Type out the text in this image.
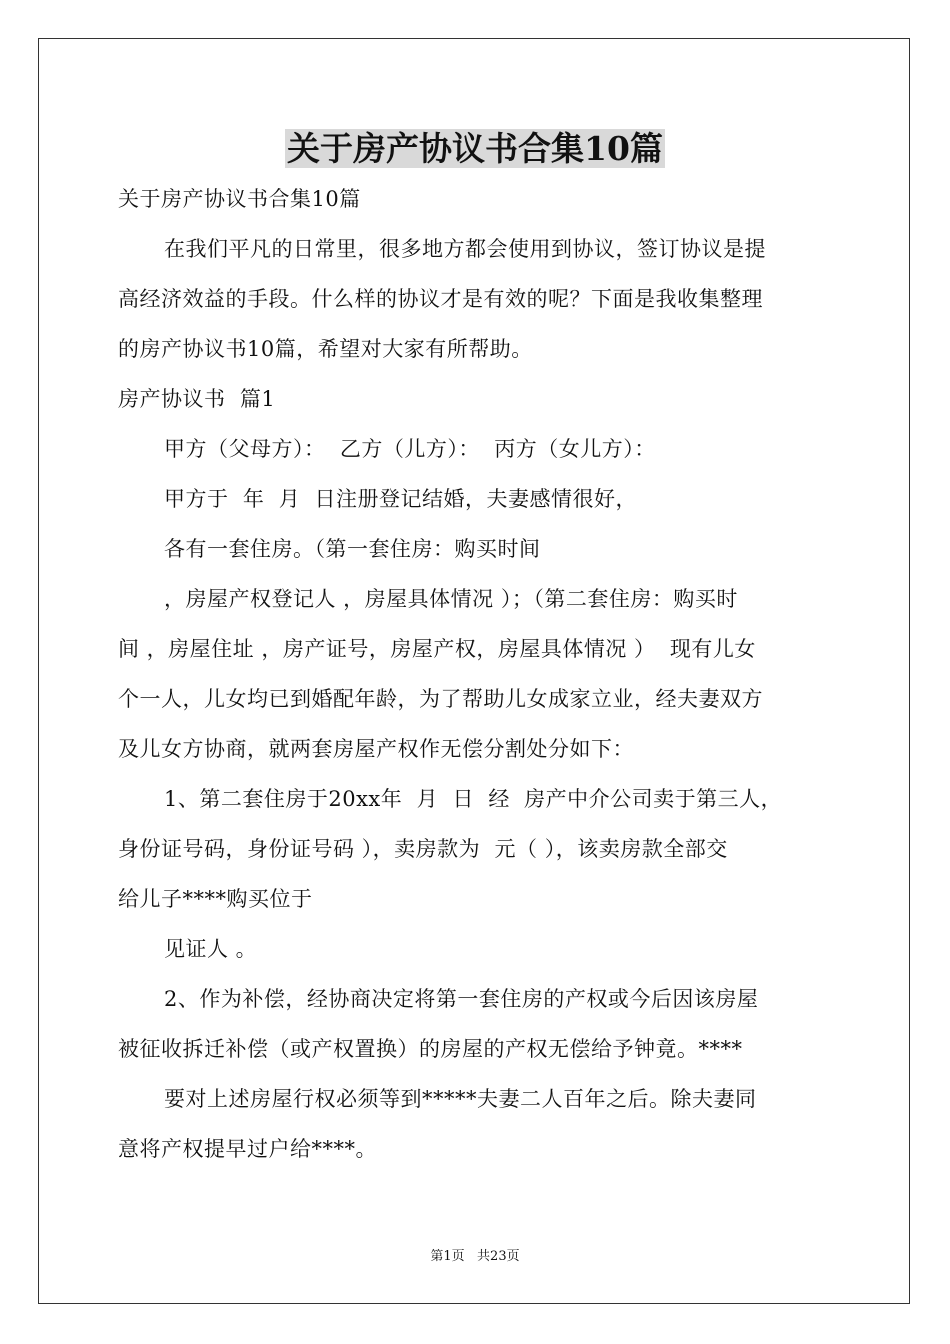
关于房产协议书合集10篇
关于房产协议书合集10篇
在我们平凡的日常里，很多地方都会使用到协议，签订协议是提
高经济效益的手段。什么样的协议才是有效的呢？下面是我收集整理
的房产协议书10篇，希望对大家有所帮助。
房产协议书  篇1
甲方（父母方）：  乙方（儿方）：  丙方（女儿方）：
甲方于  年  月  日注册登记结婚，夫妻感情很好，
各有一套住房。（第一套住房：购买时间
，房屋产权登记人 ，房屋具体情况 ）；（第二套住房：购买时
间 ，房屋住址 ，房产证号，房屋产权，房屋具体情况 ）  现有儿女
个一人，儿女均已到婚配年龄，为了帮助儿女成家立业，经夫妻双方
及儿女方协商，就两套房屋产权作无偿分割处分如下：
1、第二套住房于20xx年  月  日  经  房产中介公司卖于第三人，
身份证号码，身份证号码 ），卖房款为  元（ ），该卖房款全部交
给儿子****购买位于
见证人 。
2、作为补偿，经协商决定将第一套住房的产权或今后因该房屋
被征收拆迁补偿（或产权置换）的房屋的产权无偿给予钟竟。****
要对上述房屋行权必须等到*****夫妻二人百年之后。除夫妻同
意将产权提早过户给****。
第1页   共23页
